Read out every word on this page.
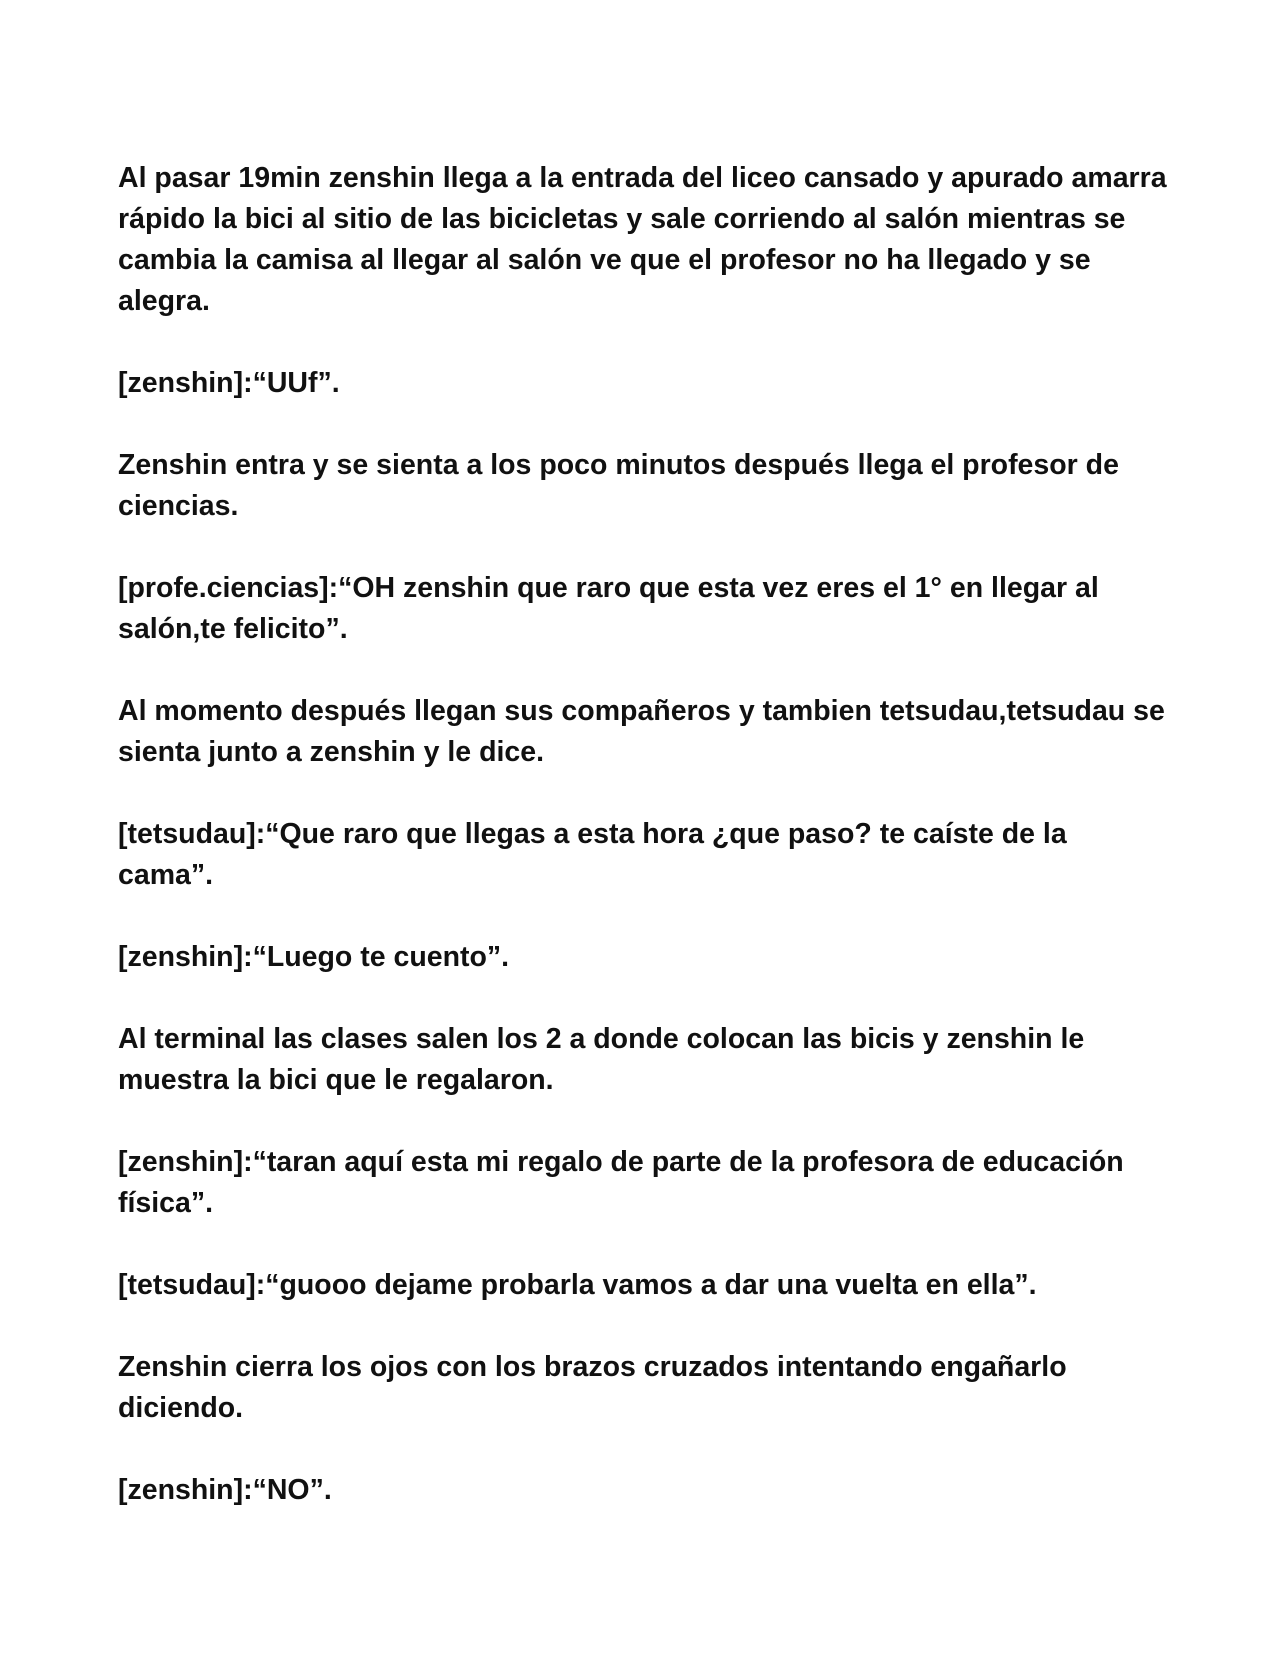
Al pasar 19min zenshin llega a la entrada del liceo cansado y apurado amarra rápido la bici al sitio de las bicicletas y sale corriendo al salón mientras se cambia la camisa al llegar al salón ve que el profesor no ha llegado y se alegra.

[zenshin]:“UUf”.

Zenshin entra y se sienta a los poco minutos después llega el profesor de ciencias.

[profe.ciencias]:“OH zenshin que raro que esta vez eres el 1° en llegar al salón,te felicito”.

Al momento después llegan sus compañeros y tambien tetsudau,tetsudau se sienta junto a zenshin y le dice.

[tetsudau]:“Que raro que llegas a esta hora ¿que paso? te caíste de la cama”.

[zenshin]:“Luego te cuento”.

Al terminal las clases salen los 2 a donde colocan las bicis y zenshin le muestra la bici que le regalaron.

[zenshin]:“taran aquí esta mi regalo de parte de la profesora de educación física”.

[tetsudau]:“guooo dejame probarla vamos a dar una vuelta en ella”.

Zenshin cierra los ojos con los brazos cruzados intentando engañarlo diciendo.

[zenshin]:“NO”.
